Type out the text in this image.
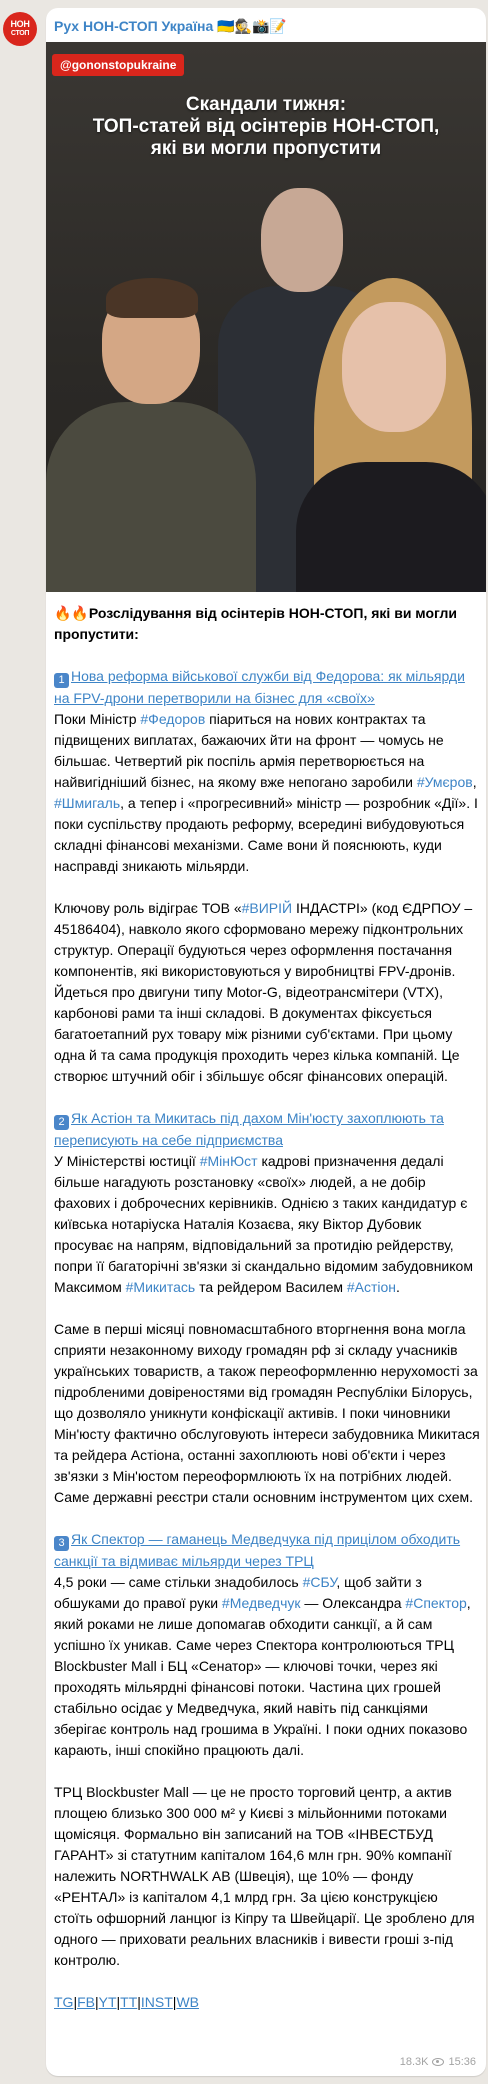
НОН
СТОП Рух НОН-СТОП Україна 🇺🇦🕵️📸📝
@gononstopukraine
Скандали тижня:
ТОП-статей від осінтерів НОН-СТОП,
які ви могли пропустити

🔥🔥Розслідування від осінтерів НОН-СТОП, які ви могли пропустити:

1 Нова реформа військової служби від Федорова: як мільярди на FPV-дрони перетворили на бізнес для «своїх»
Поки Міністр #Федоров піариться на нових контрактах та підвищених виплатах, бажаючих йти на фронт — чомусь не більшає. Четвертий рік поспіль армія перетворюється на найвигідніший бізнес, на якому вже непогано заробили #Умєров, #Шмигаль, а тепер і «прогресивний» міністр — розробник «Дії». І поки суспільству продають реформу, всередині вибудовуються складні фінансові механізми. Саме вони й пояснюють, куди насправді зникають мільярди.

Ключову роль відіграє ТОВ «#ВИРІЙ ІНДАСТРІ» (код ЄДРПОУ – 45186404), навколо якого сформовано мережу підконтрольних структур. Операції будуються через оформлення постачання компонентів, які використовуються у виробництві FPV-дронів. Йдеться про двигуни типу Motor-G, відеотрансмітери (VTX), карбонові рами та інші складові. В документах фіксується багатоетапний рух товару між різними суб'єктами. При цьому одна й та сама продукція проходить через кілька компаній. Це створює штучний обіг і збільшує обсяг фінансових операцій.

2 Як Астіон та Микитась під дахом Мін'юсту захоплюють та переписують на себе підприємства
У Міністерстві юстиції #МінЮст кадрові призначення дедалі більше нагадують розстановку «своїх» людей, а не добір фахових і доброчесних керівників. Однією з таких кандидатур є київська нотаріуска Наталія Козаєва, яку Віктор Дубовик просуває на напрям, відповідальний за протидію рейдерству, попри її багаторічні зв'язки зі скандально відомим забудовником Максимом #Микитась та рейдером Василем #Астіон.

Саме в перші місяці повномасштабного вторгнення вона могла сприяти незаконному виходу громадян рф зі складу учасників українських товариств, а також переоформленню нерухомості за підробленими довіреностями від громадян Республіки Білорусь, що дозволяло уникнути конфіскації активів. І поки чиновники Мін'юсту фактично обслуговують інтереси забудовника Микитася та рейдера Астіона, останні захоплюють нові об'єкти і через зв'язки з Мін'юстом переоформлюють їх на потрібних людей. Саме державні реєстри стали основним інструментом цих схем.

3 Як Спектор — гаманець Медведчука під прицілом обходить санкції та відмиває мільярди через ТРЦ
4,5 роки — саме стільки знадобилось #СБУ, щоб зайти з обшуками до правої руки #Медведчук — Олександра #Спектор, який роками не лише допомагав обходити санкції, а й сам успішно їх уникав. Саме через Спектора контролюються ТРЦ Blockbuster Mall і БЦ «Сенатор» — ключові точки, через які проходять мільярдні фінансові потоки. Частина цих грошей стабільно осідає у Медведчука, який навіть під санкціями зберігає контроль над грошима в Україні. І поки одних показово карають, інші спокійно працюють далі.

ТРЦ Blockbuster Mall — це не просто торговий центр, а актив площею близько 300 000 м² у Києві з мільйонними потоками щомісяця. Формально він записаний на ТОВ «ІНВЕСТБУД ГАРАНТ» зі статутним капіталом 164,6 млн грн. 90% компанії належить NORTHWALK AB (Швеція), ще 10% — фонду «РЕНТАЛ» із капіталом 4,1 млрд грн. За цією конструкцією стоїть офшорний ланцюг із Кіпру та Швейцарії. Це зроблено для одного — приховати реальних власників і вивести гроші з-під контролю.

TG|FB|YT|TT|INST|WB

18.3K 15:36
